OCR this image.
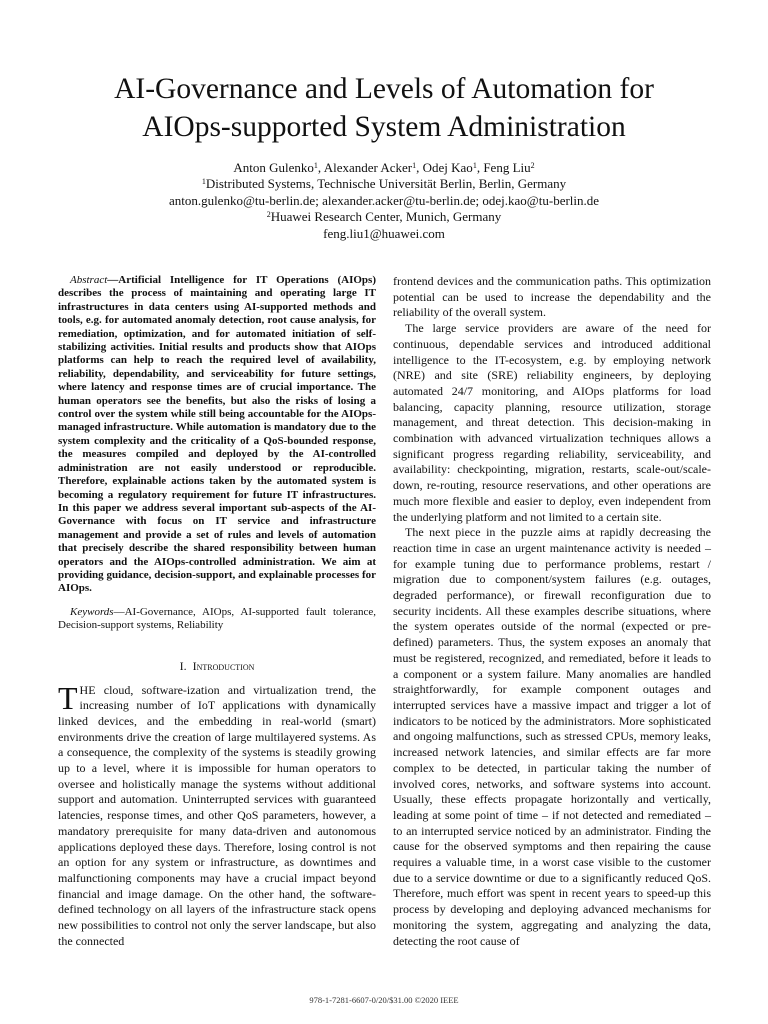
AI-Governance and Levels of Automation for
AIOps-supported System Administration
Anton Gulenko$^1$, Alexander Acker$^1$, Odej Kao$^1$, Feng Liu$^2$
$^1$Distributed Systems, Technische Universität Berlin, Berlin, Germany
anton.gulenko@tu-berlin.de; alexander.acker@tu-berlin.de; odej.kao@tu-berlin.de
$^2$Huawei Research Center, Munich, Germany
feng.liu1@huawei.com

Abstract—Artificial Intelligence for IT Operations (AIOps) describes the process of maintaining and operating large IT infrastructures in data centers using AI-supported methods and tools, e.g. for automated anomaly detection, root cause analysis, for remediation, optimization, and for automated initiation of self-stabilizing activities. Initial results and products show that AIOps platforms can help to reach the required level of availability, reliability, dependability, and serviceability for future settings, where latency and response times are of crucial importance. The human operators see the benefits, but also the risks of losing a control over the system while still being accountable for the AIOps-managed infrastructure. While automation is mandatory due to the system complexity and the criticality of a QoS-bounded response, the measures compiled and deployed by the AI-controlled administration are not easily understood or reproducible. Therefore, explainable actions taken by the automated system is becoming a regulatory requirement for future IT infrastructures. In this paper we address several important sub-aspects of the AI-Governance with focus on IT service and infrastructure management and provide a set of rules and levels of automation that precisely describe the shared responsibility between human operators and the AIOps-controlled administration. We aim at providing guidance, decision-support, and explainable processes for AIOps.

Keywords—AI-Governance, AIOps, AI-supported fault tolerance, Decision-support systems, Reliability

I. Introduction

THE cloud, software-ization and virtualization trend, the increasing number of IoT applications with dynamically linked devices, and the embedding in real-world (smart) environments drive the creation of large multilayered systems. As a consequence, the complexity of the systems is steadily growing up to a level, where it is impossible for human operators to oversee and holistically manage the systems without additional support and automation. Uninterrupted services with guaranteed latencies, response times, and other QoS parameters, however, a mandatory prerequisite for many data-driven and autonomous applications deployed these days. Therefore, losing control is not an option for any system or infrastructure, as downtimes and malfunctioning components may have a crucial impact beyond financial and image damage. On the other hand, the software-defined technology on all layers of the infrastructure stack opens new possibilities to control not only the server landscape, but also the connected

frontend devices and the communication paths. This optimization potential can be used to increase the dependability and the reliability of the overall system.

The large service providers are aware of the need for continuous, dependable services and introduced additional intelligence to the IT-ecosystem, e.g. by employing network (NRE) and site (SRE) reliability engineers, by deploying automated 24/7 monitoring, and AIOps platforms for load balancing, capacity planning, resource utilization, storage management, and threat detection. This decision-making in combination with advanced virtualization techniques allows a significant progress regarding reliability, serviceability, and availability: checkpointing, migration, restarts, scale-out/scale-down, re-routing, resource reservations, and other operations are much more flexible and easier to deploy, even independent from the underlying platform and not limited to a certain site.

The next piece in the puzzle aims at rapidly decreasing the reaction time in case an urgent maintenance activity is needed – for example tuning due to performance problems, restart / migration due to component/system failures (e.g. outages, degraded performance), or firewall reconfiguration due to security incidents. All these examples describe situations, where the system operates outside of the normal (expected or pre-defined) parameters. Thus, the system exposes an anomaly that must be registered, recognized, and remediated, before it leads to a component or a system failure. Many anomalies are handled straightforwardly, for example component outages and interrupted services have a massive impact and trigger a lot of indicators to be noticed by the administrators. More sophisticated and ongoing malfunctions, such as stressed CPUs, memory leaks, increased network latencies, and similar effects are far more complex to be detected, in particular taking the number of involved cores, networks, and software systems into account. Usually, these effects propagate horizontally and vertically, leading at some point of time – if not detected and remediated – to an interrupted service noticed by an administrator. Finding the cause for the observed symptoms and then repairing the cause requires a valuable time, in a worst case visible to the customer due to a service downtime or due to a significantly reduced QoS. Therefore, much effort was spent in recent years to speed-up this process by developing and deploying advanced mechanisms for monitoring the system, aggregating and analyzing the data, detecting the root cause of

978-1-7281-6607-0/20/$31.00 ©2020 IEEE
